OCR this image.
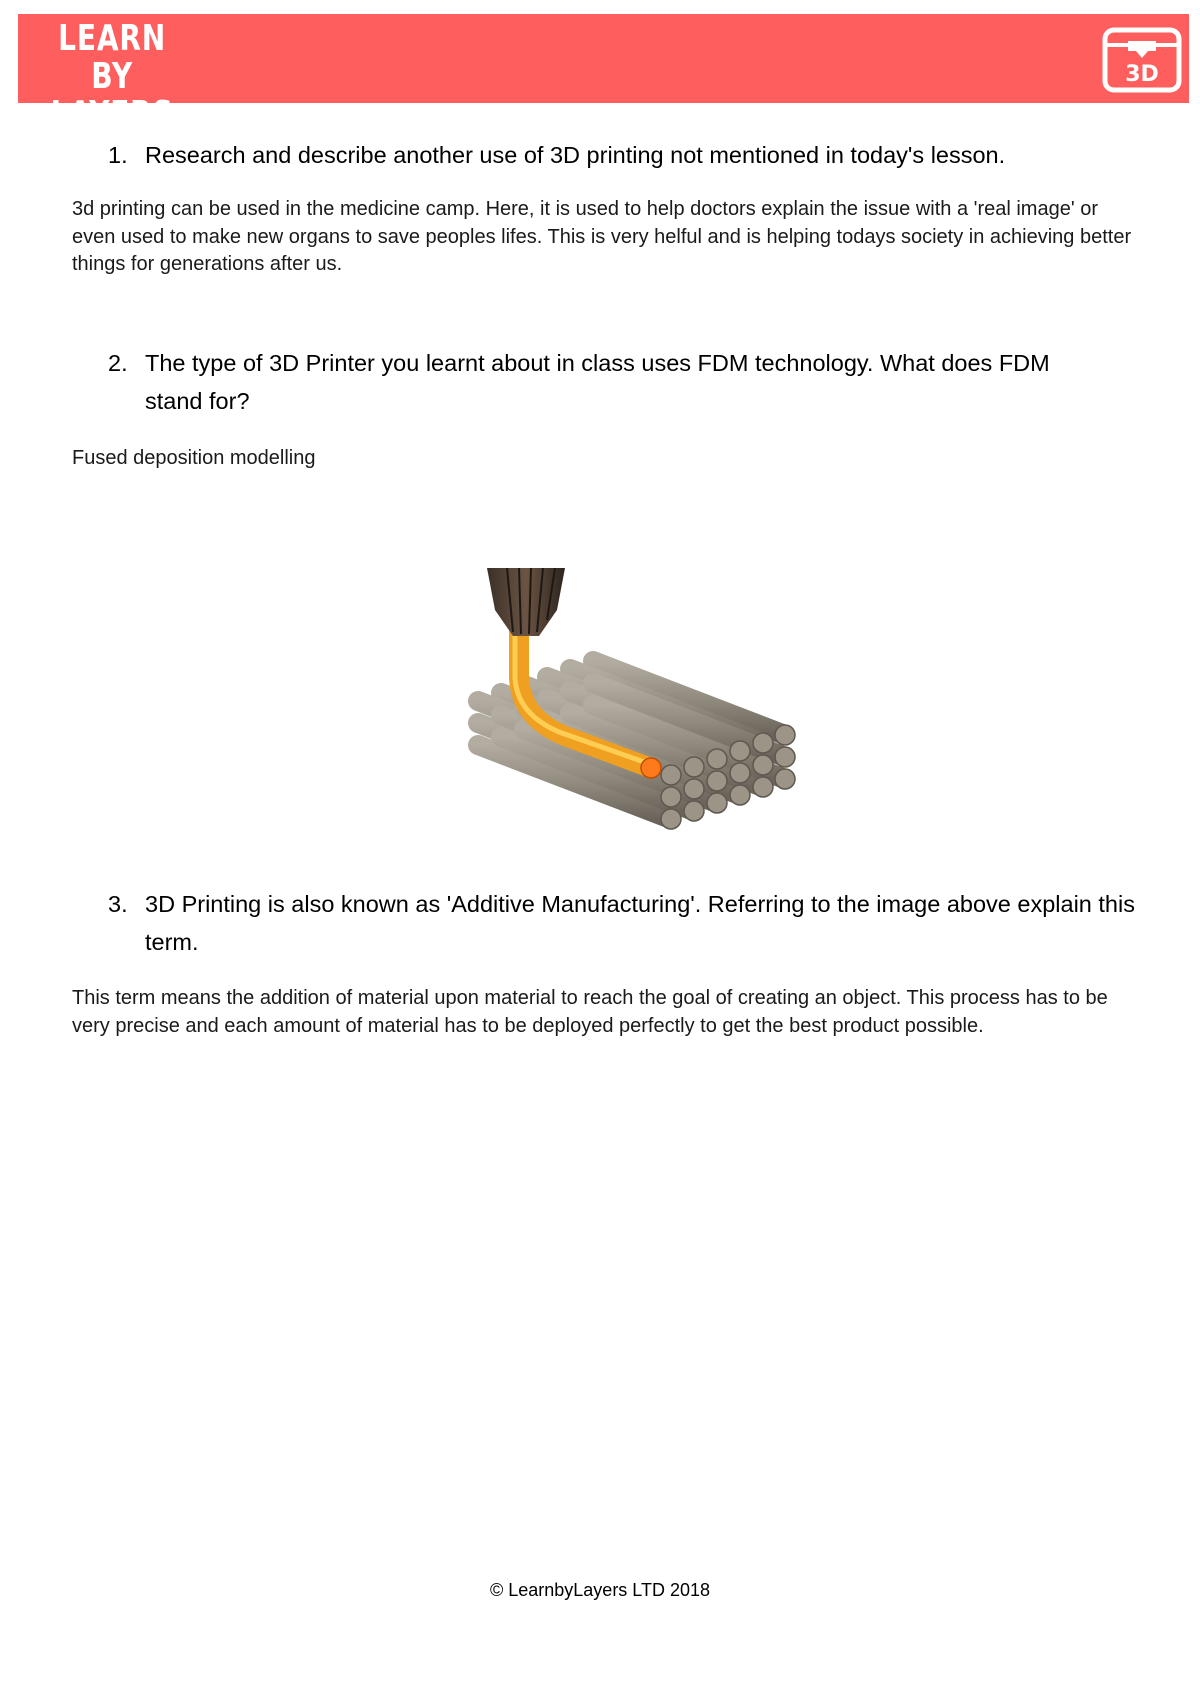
LEARN BY
LAYERS
3D
1. Research and describe another use of 3D printing not mentioned in today's lesson.
3d printing can be used in the medicine camp. Here, it is used to help doctors explain the issue with a 'real image' or even used to make new organs to save peoples lifes. This is very helful and is helping todays society in achieving better things for generations after us.
2. The type of 3D Printer you learnt about in class uses FDM technology. What does FDM stand for?
Fused deposition modelling
3. 3D Printing is also known as 'Additive Manufacturing'. Referring to the image above explain this term.
This term means the addition of material upon material to reach the goal of creating an object. This process has to be very precise and each amount of material has to be deployed perfectly to get the best product possible.
© LearnbyLayers LTD 2018
